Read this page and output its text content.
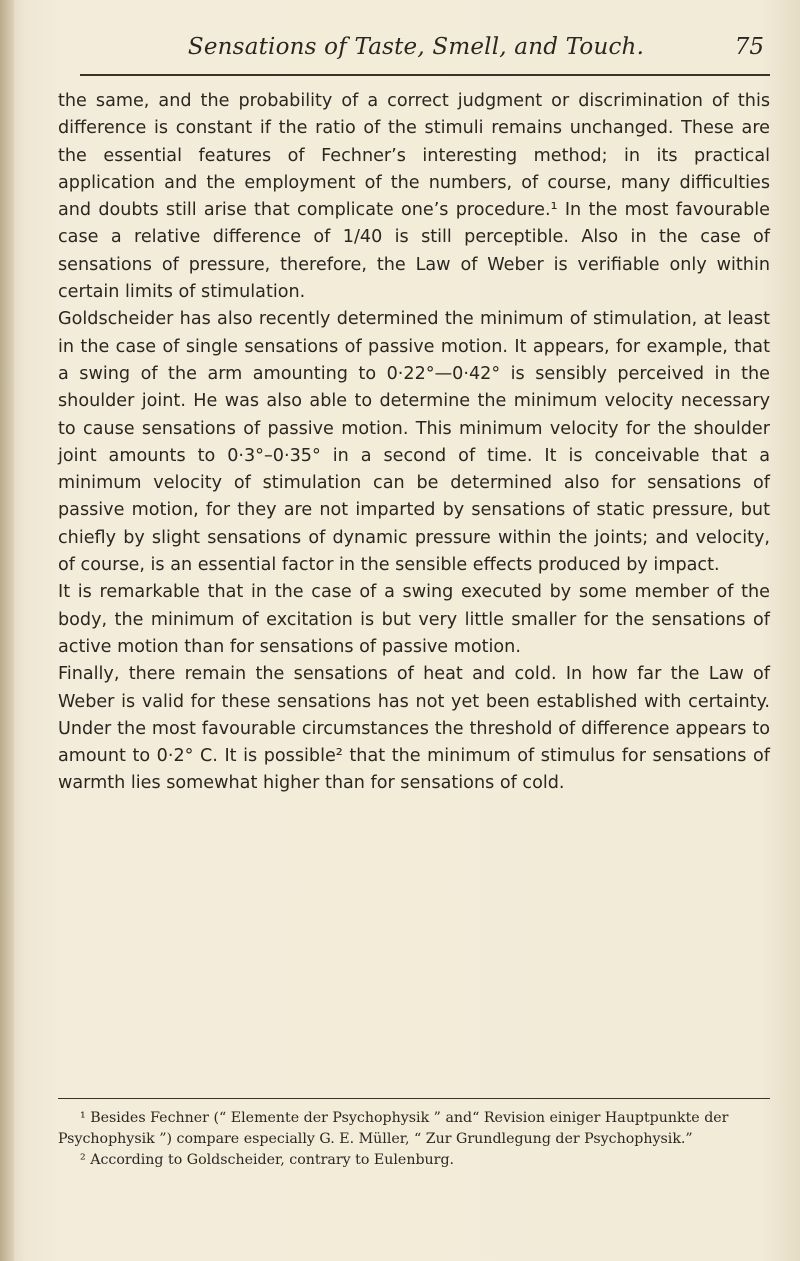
Sensations of Taste, Smell, and Touch.	75

the same, and the probability of a correct judgment or discrimination of this difference is constant if the ratio of the stimuli remains unchanged. These are the essential features of Fechner’s interesting method; in its practical application and the employment of the numbers, of course, many difficulties and doubts still arise that complicate one’s procedure.¹ In the most favourable case a relative difference of 1/40 is still perceptible. Also in the case of sensations of pressure, therefore, the Law of Weber is verifiable only within certain limits of stimulation.

Goldscheider has also recently determined the minimum of stimulation, at least in the case of single sensations of passive motion. It appears, for example, that a swing of the arm amounting to 0·22°—0·42° is sensibly perceived in the shoulder joint. He was also able to determine the minimum velocity necessary to cause sensations of passive motion. This minimum velocity for the shoulder joint amounts to 0·3°–0·35° in a second of time. It is conceivable that a minimum velocity of stimulation can be determined also for sensations of passive motion, for they are not imparted by sensations of static pressure, but chiefly by slight sensations of dynamic pressure within the joints; and velocity, of course, is an essential factor in the sensible effects produced by impact.

It is remarkable that in the case of a swing executed by some member of the body, the minimum of excitation is but very little smaller for the sensations of active motion than for sensations of passive motion.

Finally, there remain the sensations of heat and cold. In how far the Law of Weber is valid for these sensations has not yet been established with certainty. Under the most favourable circumstances the threshold of difference appears to amount to 0·2° C. It is possible² that the minimum of stimulus for sensations of warmth lies somewhat higher than for sensations of cold.

¹ Besides Fechner (“ Elemente der Psychophysik ” and“ Revision einiger Hauptpunkte der Psychophysik ”) compare especially G. E. Müller, “ Zur Grundlegung der Psychophysik.”

² According to Goldscheider, contrary to Eulenburg.
